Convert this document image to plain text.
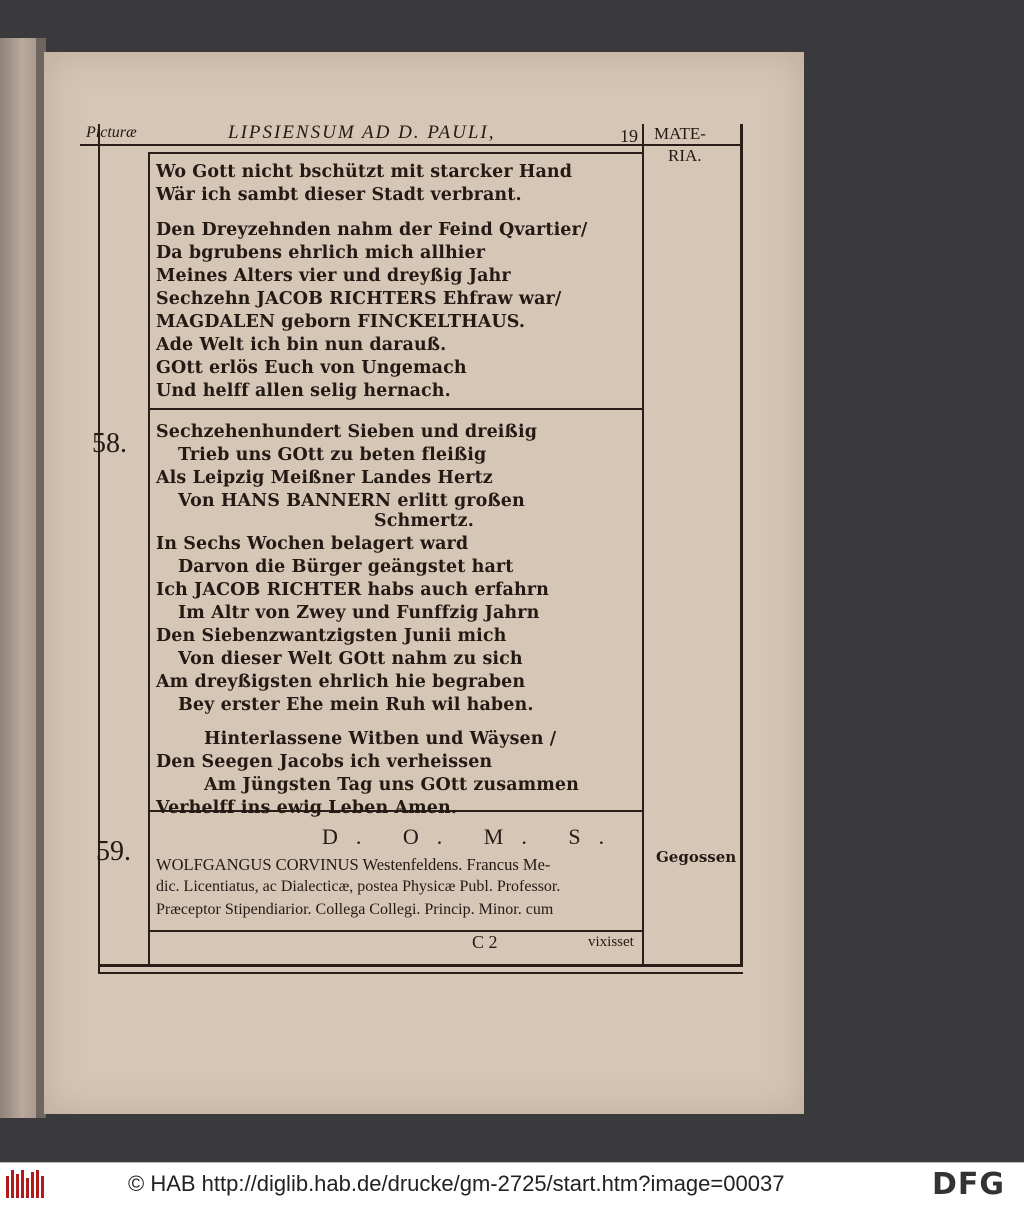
Picturæ	LIPSIENSUM AD D. PAULI,	19 MATE-
RIA.
Wo Gott nicht bschützt mit starcker Hand
Wär ich sambt dieser Stadt verbrant.
Den Dreyzehnden nahm der Feind Qvartier/
Da bgrubens ehrlich mich allhier
Meines Alters vier und dreyßig Jahr
Sechzehn JACOB RICHTERS Ehfraw war/
MAGDALEN geborn FINCKELTHAUS.
Ade Welt ich bin nun darauß.
GOtt erlös Euch von Ungemach
Und helff allen selig hernach.
58. Sechzehenhundert Sieben und dreißig
Trieb uns GOtt zu beten fleißig
Als Leipzig Meißner Landes Hertz
Von HANS BANNERN erlitt großen
Schmertz.
In Sechs Wochen belagert ward
Darvon die Bürger geängstet hart
Ich JACOB RICHTER habs auch erfahrn
Im Altr von Zwey und Funffzig Jahrn
Den Siebenzwantzigsten Junii mich
Von dieser Welt GOtt nahm zu sich
Am dreyßigsten ehrlich hie begraben
Bey erster Ehe mein Ruh wil haben.
Hinterlassene Witben und Wäysen /
Den Seegen Jacobs ich verheissen
Am Jüngsten Tag uns GOtt zusammen
Verhelff ins ewig Leben Amen.
59.	D. O. M. S.
Gegossen
WOLFGANGUS CORVINUS Westenfeldens. Francus Me-
dic. Licentiatus, ac Dialecticæ, postea Physicæ Publ. Professor.
Præceptor Stipendiarior. Collega Collegi. Princip. Minor. cum
C 2	vixisset
© HAB http://diglib.hab.de/drucke/gm-2725/start.htm?image=00037	DFG
